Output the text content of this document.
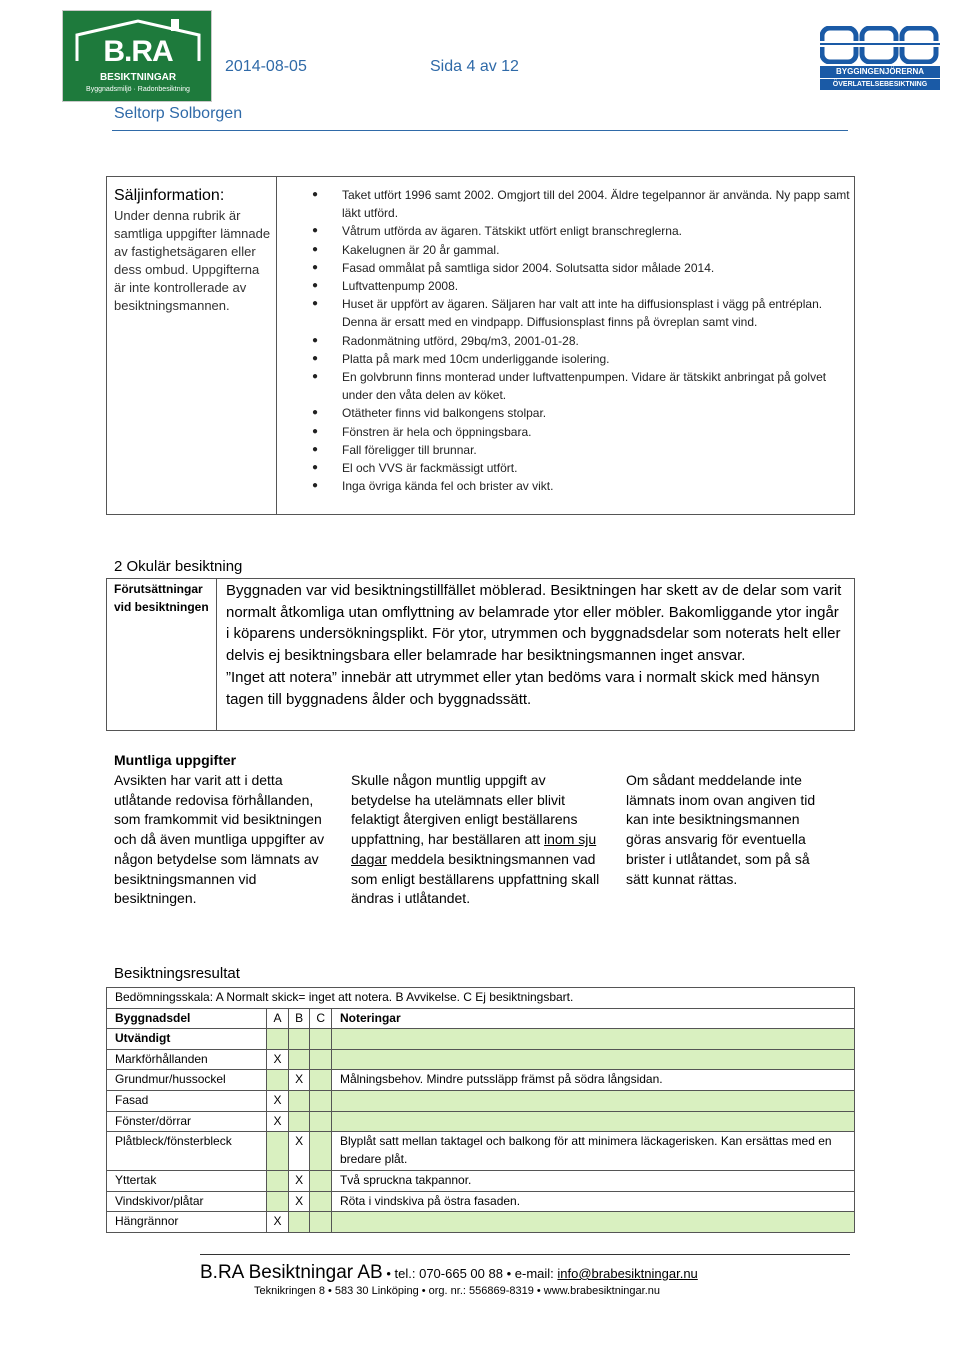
B.RA
BESIKTNINGAR
Byggnadsmiljö · Radonbesiktning
2014-08-05	Sida 4 av 12
Seltorp Solborgen
BYGGINGENJÖRERNA
ÖVERLATELSEBESIKTNING
Säljinformation:
Under denna rubrik är samtliga uppgifter lämnade av fastighetsägaren eller dess ombud. Uppgifterna är inte kontrollerade av besiktningsmannen.
● Taket utfört 1996 samt 2002. Omgjort till del 2004. Äldre tegelpannor är använda. Ny papp samt läkt utförd.
● Våtrum utförda av ägaren. Tätskikt utfört enligt branschreglerna.
● Kakelugnen är 20 år gammal.
● Fasad ommålat på samtliga sidor 2004. Solutsatta sidor målade 2014.
● Luftvattenpump 2008.
● Huset är uppfört av ägaren. Säljaren har valt att inte ha diffusionsplast i vägg på entréplan. Denna är ersatt med en vindpapp. Diffusionsplast finns på övreplan samt vind.
● Radonmätning utförd, 29bq/m3, 2001-01-28.
● Platta på mark med 10cm underliggande isolering.
● En golvbrunn finns monterad under luftvattenpumpen. Vidare är tätskikt anbringat på golvet under den våta delen av köket.
● Otätheter finns vid balkongens stolpar.
● Fönstren är hela och öppningsbara.
● Fall föreligger till brunnar.
● El och VVS är fackmässigt utfört.
● Inga övriga kända fel och brister av vikt.
2 Okulär besiktning
Förutsättningar vid besiktningen
Byggnaden var vid besiktningstillfället möblerad. Besiktningen har skett av de delar som varit normalt åtkomliga utan omflyttning av belamrade ytor eller möbler. Bakomliggande ytor ingår i köparens undersökningsplikt. För ytor, utrymmen och byggnadsdelar som noterats helt eller delvis ej besiktningsbara eller belamrade har besiktningsmannen inget ansvar.
”Inget att notera” innebär att utrymmet eller ytan bedöms vara i normalt skick med hänsyn tagen till byggnadens ålder och byggnadssätt.
Muntliga uppgifter
Avsikten har varit att i detta utlåtande redovisa förhållanden, som framkommit vid besiktningen och då även muntliga uppgifter av någon betydelse som lämnats av besiktningsmannen vid besiktningen.
Skulle någon muntlig uppgift av betydelse ha utelämnats eller blivit felaktigt återgiven enligt beställarens uppfattning, har beställaren att inom sju dagar meddela besiktningsmannen vad som enligt beställarens uppfattning skall ändras i utlåtandet.
Om sådant meddelande inte lämnats inom ovan angiven tid kan inte besiktningsmannen göras ansvarig för eventuella brister i utlåtandet, som på så sätt kunnat rättas.
Besiktningsresultat
Bedömningsskala: A Normalt skick= inget att notera. B Avvikelse. C Ej besiktningsbart.				
Byggnadsdel	A	B	C	Noteringar
Utvändigt				
Markförhållanden	X			
Grundmur/hussockel		X		Målningsbehov. Mindre putssläpp främst på södra långsidan.
Fasad	X			
Fönster/dörrar	X			
Plåtbleck/fönsterbleck		X		Blyplåt satt mellan taktagel och balkong för att minimera läckagerisken. Kan ersättas med en bredare plåt.
Yttertak		X		Två spruckna takpannor.
Vindskivor/plåtar		X		Röta i vindskiva på östra fasaden.
Hängrännor	X			
B.RA Besiktningar AB • tel.: 070-665 00 88 • e-mail: info@brabesiktningar.nu
Teknikringen 8 • 583 30 Linköping • org. nr.: 556869-8319 • www.brabesiktningar.nu
